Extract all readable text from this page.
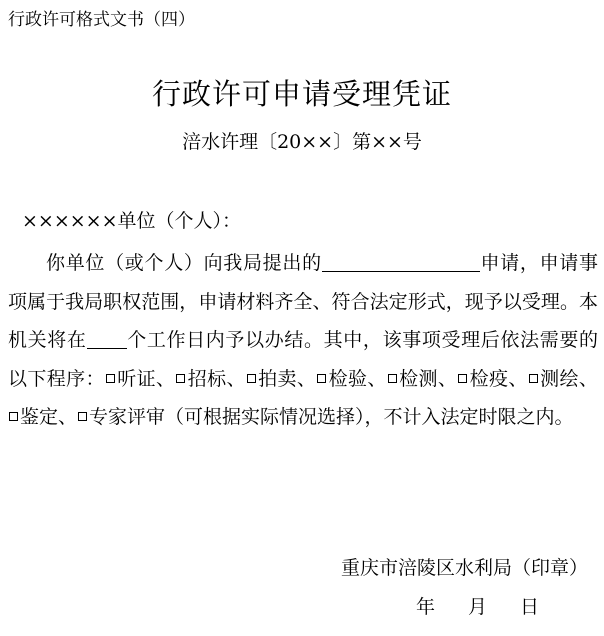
行政许可格式文书（四）
行政许可申请受理凭证
涪水许理〔20××〕第××号
××××××单位（个人）：

你单位（或个人）向我局提出的	申请，申请事项属于我局职权范围，申请材料齐全、符合法定形式，现予以受理。本机关将在 个工作日内予以办结。其中，该事项受理后依法需要的以下程序： 听证、 招标、 拍卖、 检验、 检测、 检疫、 测绘、鉴定、 专家评审（可根据实际情况选择），不计入法定时限之内。

重庆市涪陵区水利局（印章）
年 月 日
